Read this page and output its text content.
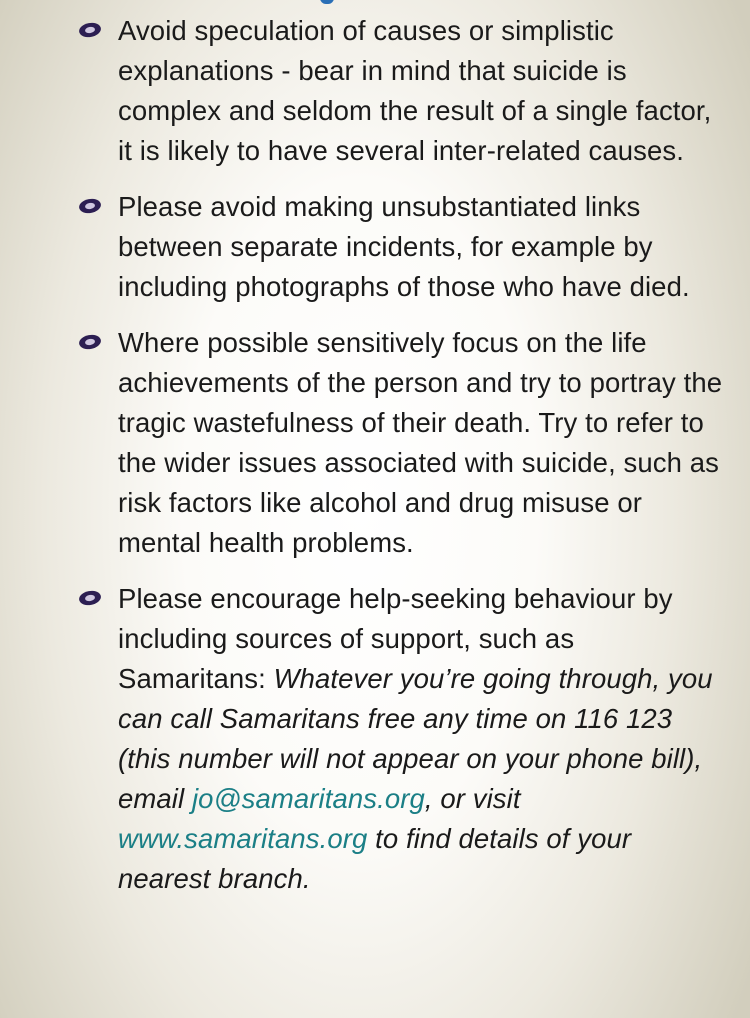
Avoid speculation of causes or simplistic explanations - bear in mind that suicide is complex and seldom the result of a single factor, it is likely to have several inter-related causes.
Please avoid making unsubstantiated links between separate incidents, for example by including photographs of those who have died.
Where possible sensitively focus on the life achievements of the person and try to portray the tragic wastefulness of their death. Try to refer to the wider issues associated with suicide, such as risk factors like alcohol and drug misuse or mental health problems.
Please encourage help-seeking behaviour by including sources of support, such as Samaritans: Whatever you’re going through, you can call Samaritans free any time on 116 123 (this number will not appear on your phone bill), email jo@samaritans.org, or visit www.samaritans.org to find details of your nearest branch.
